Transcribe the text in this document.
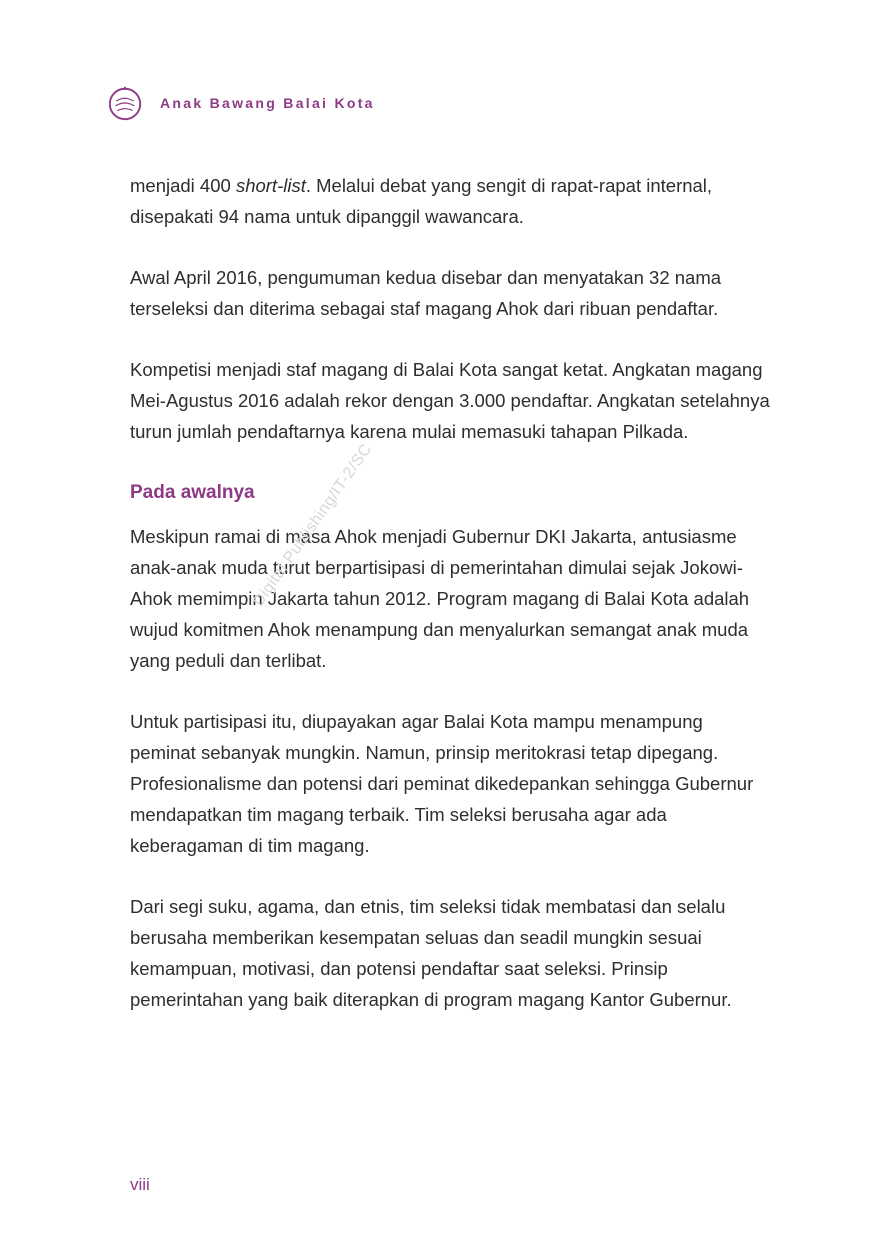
Anak Bawang Balai Kota

menjadi 400 short-list. Melalui debat yang sengit di rapat-rapat internal, disepakati 94 nama untuk dipanggil wawancara.

Awal April 2016, pengumuman kedua disebar dan menyatakan 32 nama terseleksi dan diterima sebagai staf magang Ahok dari ribuan pendaftar.

Kompetisi menjadi staf magang di Balai Kota sangat ketat. Angkatan magang Mei-Agustus 2016 adalah rekor dengan 3.000 pendaftar. Angkatan setelahnya turun jumlah pendaftarnya karena mulai memasuki tahapan Pilkada.

Pada awalnya

Meskipun ramai di masa Ahok menjadi Gubernur DKI Jakarta, antusiasme anak-anak muda turut berpartisipasi di pemerintahan dimulai sejak Jokowi-Ahok memimpin Jakarta tahun 2012. Program magang di Balai Kota adalah wujud komitmen Ahok menampung dan menyalurkan semangat anak muda yang peduli dan terlibat.

Untuk partisipasi itu, diupayakan agar Balai Kota mampu menampung peminat sebanyak mungkin. Namun, prinsip meritokrasi tetap dipegang. Profesionalisme dan potensi dari peminat dikedepankan sehingga Gubernur mendapatkan tim magang terbaik. Tim seleksi berusaha agar ada keberagaman di tim magang.

Dari segi suku, agama, dan etnis, tim seleksi tidak membatasi dan selalu berusaha memberikan kesempatan seluas dan seadil mungkin sesuai kemampuan, motivasi, dan potensi pendaftar saat seleksi. Prinsip pemerintahan yang baik diterapkan di program magang Kantor Gubernur.

Digital Publishing/IT-2/SC
viii
